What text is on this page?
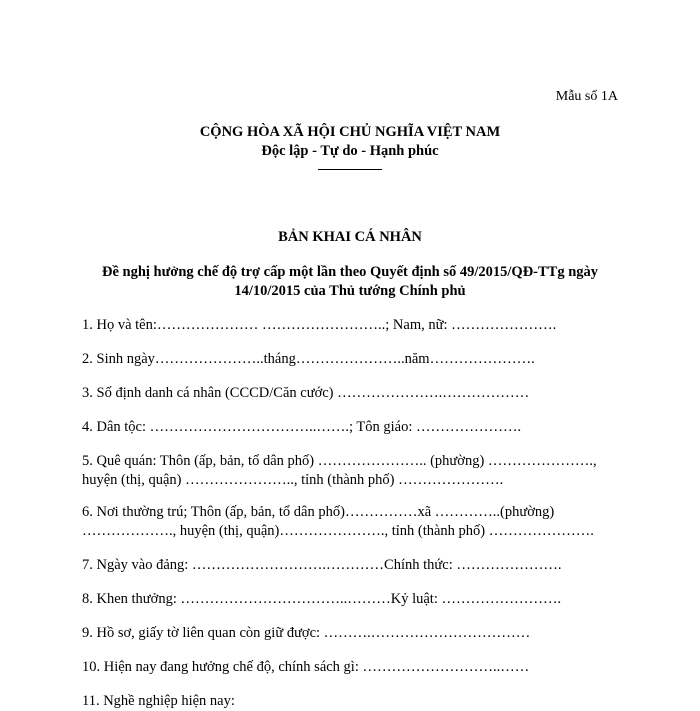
Mẫu số 1A
CỘNG HÒA XÃ HỘI CHỦ NGHĨA VIỆT NAM
Độc lập - Tự do - Hạnh phúc
BẢN KHAI CÁ NHÂN
Đề nghị hưởng chế độ trợ cấp một lần theo Quyết định số 49/2015/QĐ-TTg ngày
14/10/2015 của Thủ tướng Chính phủ
1. Họ và tên:………………… ……………………..; Nam, nữ: ………………….
2. Sinh ngày…………………..tháng…………………..năm………………….
3. Số định danh cá nhân (CCCD/Căn cước) ………………….………………
4. Dân tộc: ……………………………..…….; Tôn giáo: ………………….
5. Quê quán: Thôn (ấp, bản, tổ dân phố) ………………….. (phường) ………………….,
huyện (thị, quận) ………………….., tỉnh (thành phố) ………………….
6. Nơi thường trú; Thôn (ấp, bản, tổ dân phố)……………xã …………..(phường)
………………., huyện (thị, quận)…………………., tỉnh (thành phố) ………………….
7. Ngày vào đảng: ……………………….…………Chính thức: ………………….
8. Khen thưởng: ……………………………..………Kỷ luật: …………………….
9. Hồ sơ, giấy tờ liên quan còn giữ được: ……….……………………………
10. Hiện nay đang hưởng chế độ, chính sách gì: ………………………..……
11. Nghề nghiệp hiện nay:
